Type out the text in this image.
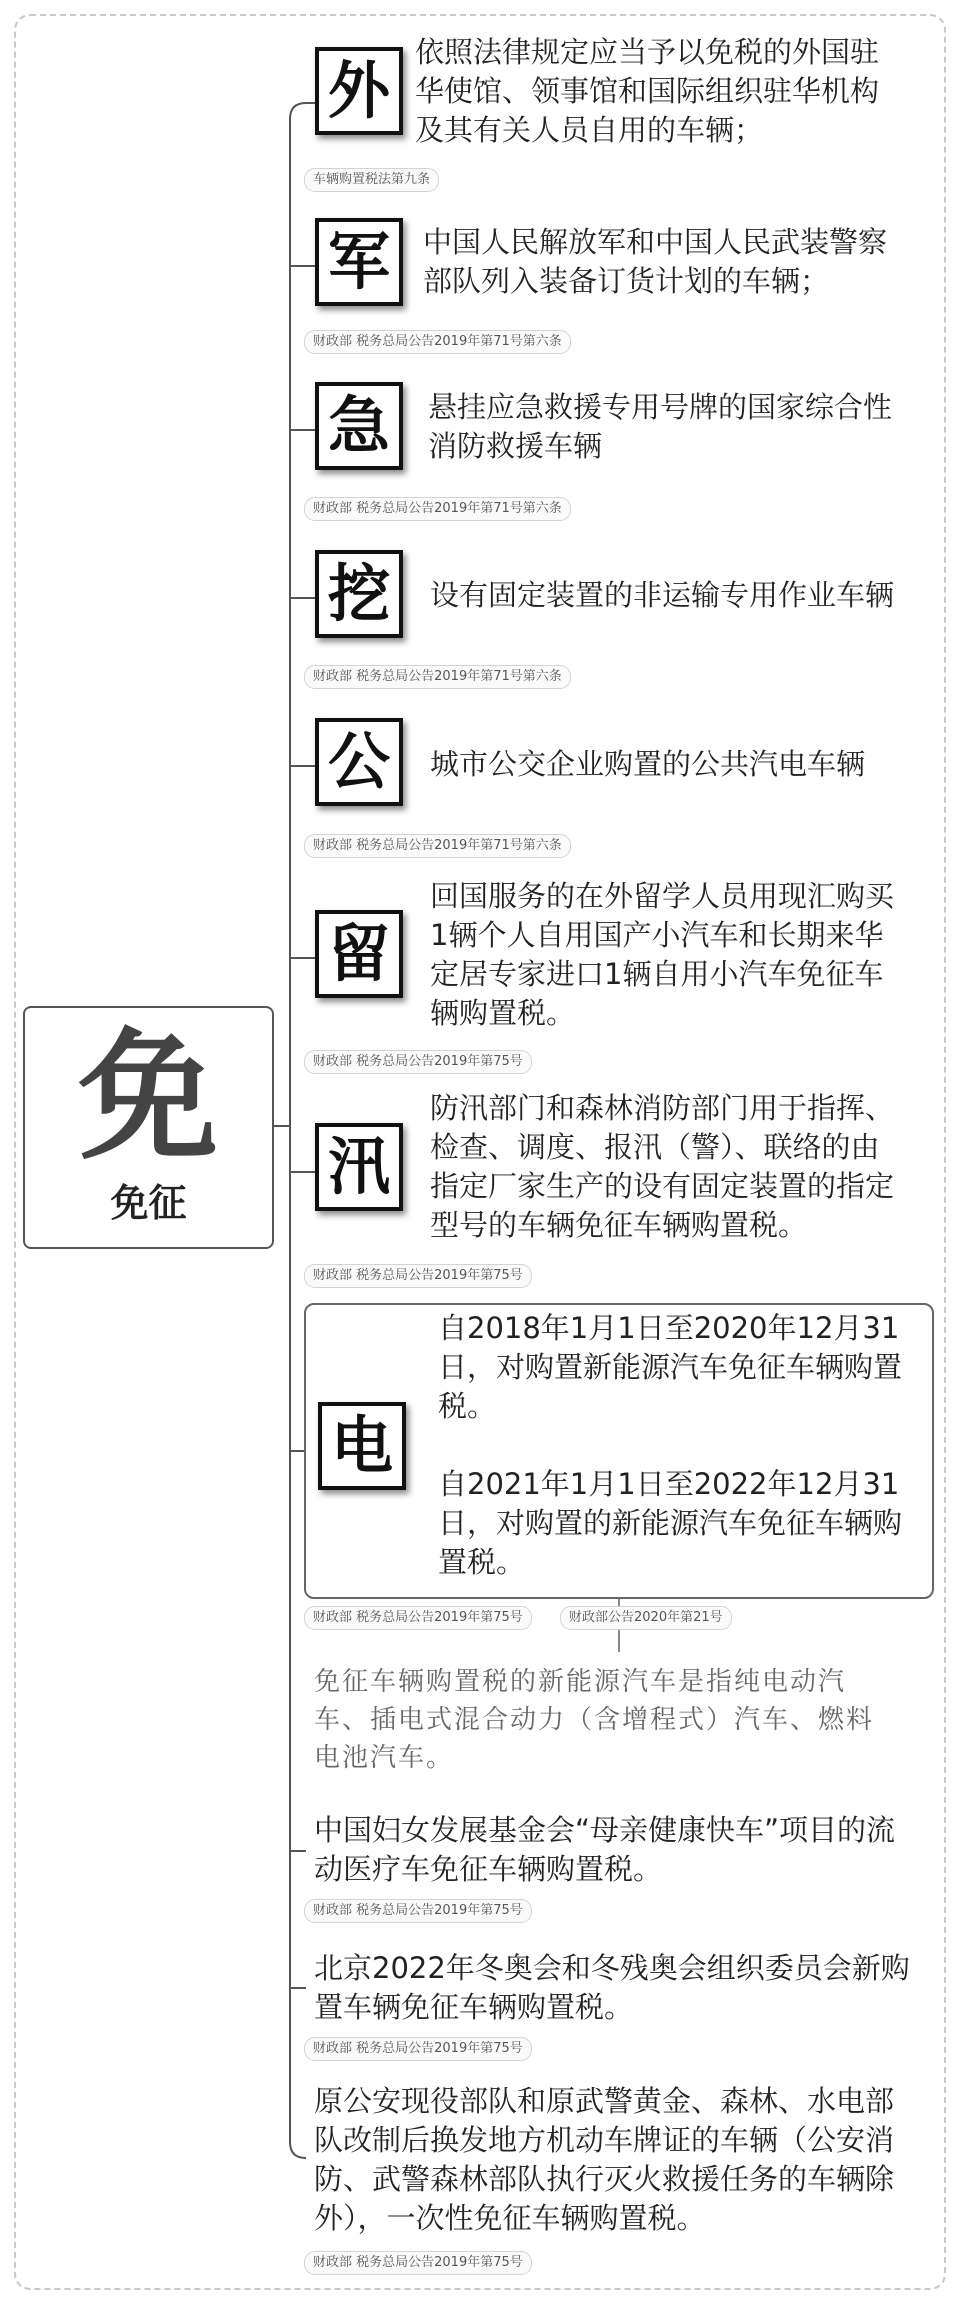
免
免征
外
依照法律规定应当予以免税的外国驻
华使馆、领事馆和国际组织驻华机构
及其有关人员自用的车辆；
车辆购置税法第九条
军	中国人民解放军和中国人民武装警察
部队列入装备订货计划的车辆；
财政部 税务总局公告2019年第71号第六条
急	悬挂应急救援专用号牌的国家综合性
消防救援车辆
财政部 税务总局公告2019年第71号第六条
挖	设有固定装置的非运输专用作业车辆
财政部 税务总局公告2019年第71号第六条
公	城市公交企业购置的公共汽电车辆
财政部 税务总局公告2019年第71号第六条
留
回国服务的在外留学人员用现汇购买
1辆个人自用国产小汽车和长期来华
定居专家进口1辆自用小汽车免征车
辆购置税。
财政部 税务总局公告2019年第75号
汛
防汛部门和森林消防部门用于指挥、
检查、调度、报汛（警）、联络的由
指定厂家生产的设有固定装置的指定
型号的车辆免征车辆购置税。
财政部 税务总局公告2019年第75号
电
自2018年1月1日至2020年12月31
日，对购置新能源汽车免征车辆购置
税。
自2021年1月1日至2022年12月31
日，对购置的新能源汽车免征车辆购
置税。
财政部 税务总局公告2019年第75号	财政部公告2020年第21号
免征车辆购置税的新能源汽车是指纯电动汽
车、插电式混合动力（含增程式）汽车、燃料
电池汽车。
中国妇女发展基金会“母亲健康快车”项目的流
动医疗车免征车辆购置税。
财政部 税务总局公告2019年第75号
北京2022年冬奥会和冬残奥会组织委员会新购
置车辆免征车辆购置税。
财政部 税务总局公告2019年第75号
原公安现役部队和原武警黄金、森林、水电部
队改制后换发地方机动车牌证的车辆（公安消
防、武警森林部队执行灭火救援任务的车辆除
外），一次性免征车辆购置税。
财政部 税务总局公告2019年第75号
